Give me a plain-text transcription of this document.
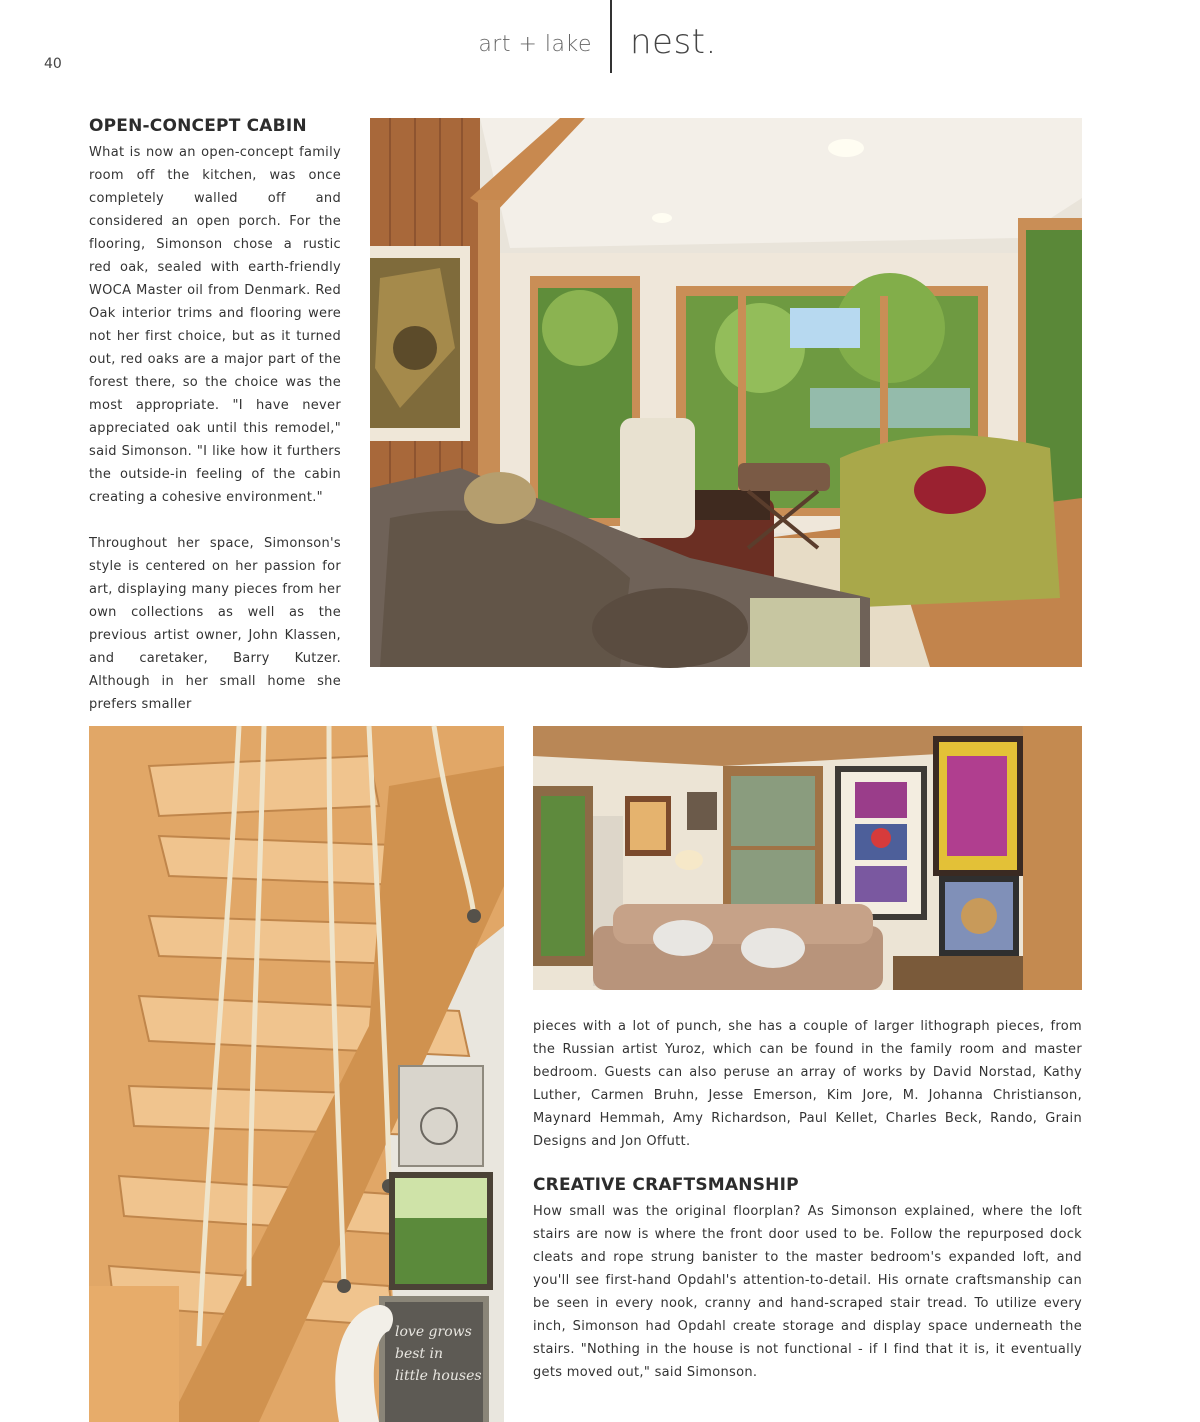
40
art + lake nest.
OPEN-CONCEPT CABIN

What is now an open-concept family room off the kitchen, was once completely walled off and considered an open porch. For the flooring, Simonson chose a rustic red oak, sealed with earth-friendly WOCA Master oil from Denmark. Red Oak interior trims and flooring were not her first choice, but as it turned out, red oaks are a major part of the forest there, so the choice was the most appropriate. "I have never appreciated oak until this remodel," said Simonson. "I like how it furthers the outside-in feeling of the cabin creating a cohesive environment."

Throughout her space, Simonson's style is centered on her passion for art, displaying many pieces from her own collections as well as the previous artist owner, John Klassen, and caretaker, Barry Kutzer. Although in her small home she prefers smaller

love grows
best in
little houses

pieces with a lot of punch, she has a couple of larger lithograph pieces, from the Russian artist Yuroz, which can be found in the family room and master bedroom. Guests can also peruse an array of works by David Norstad, Kathy Luther, Carmen Bruhn, Jesse Emerson, Kim Jore, M. Johanna Christianson, Maynard Hemmah, Amy Richardson, Paul Kellet, Charles Beck, Rando, Grain Designs and Jon Offutt.

CREATIVE CRAFTSMANSHIP

How small was the original floorplan? As Simonson explained, where the loft stairs are now is where the front door used to be. Follow the repurposed dock cleats and rope strung banister to the master bedroom's expanded loft, and you'll see first-hand Opdahl's attention-to-detail. His ornate craftsmanship can be seen in every nook, cranny and hand-scraped stair tread. To utilize every inch, Simonson had Opdahl create storage and display space underneath the stairs. "Nothing in the house is not functional - if I find that it is, it eventually gets moved out," said Simonson.
